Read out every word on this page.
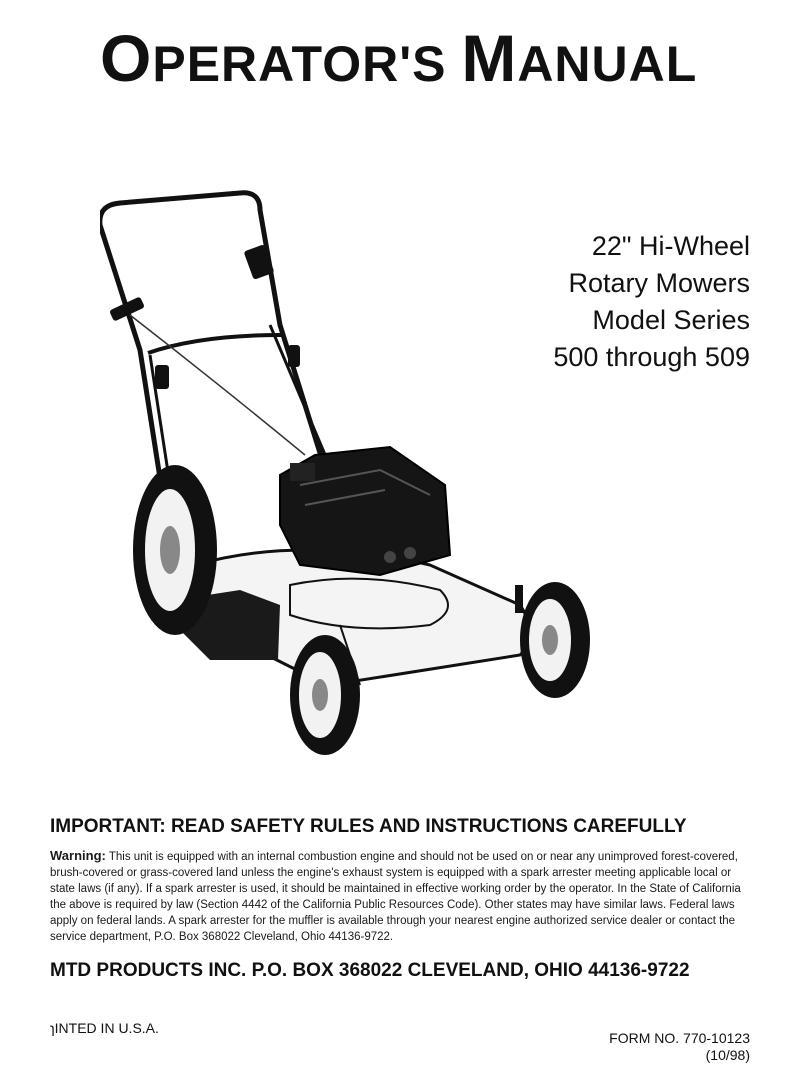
OPERATOR'S MANUAL
22" Hi-Wheel
Rotary Mowers
Model Series
500 through 509
IMPORTANT: READ SAFETY RULES AND INSTRUCTIONS CAREFULLY
Warning: This unit is equipped with an internal combustion engine and should not be used on or near any unimproved forest-covered, brush-covered or grass-covered land unless the engine's exhaust system is equipped with a spark arrester meeting applicable local or state laws (if any). If a spark arrester is used, it should be maintained in effective working order by the operator. In the State of California the above is required by law (Section 4442 of the California Public Resources Code). Other states may have similar laws. Federal laws apply on federal lands. A spark arrester for the muffler is available through your nearest engine authorized service dealer or contact the service department, P.O. Box 368022 Cleveland, Ohio 44136-9722.
MTD PRODUCTS INC. P.O. BOX 368022 CLEVELAND, OHIO 44136-9722
ɿINTED IN U.S.A.
FORM NO. 770-10123
(10/98)
